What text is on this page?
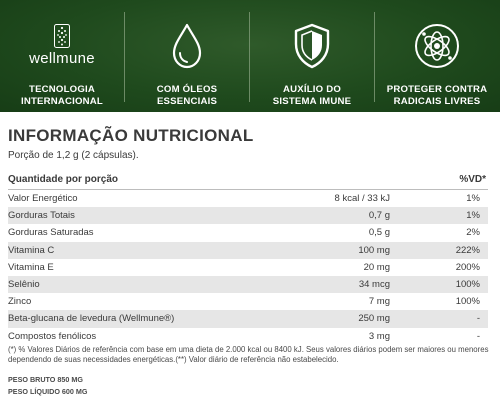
wellmune
TECNOLOGIA
INTERNACIONAL
COM ÓLEOS
ESSENCIAIS
AUXÍLIO DO
SISTEMA IMUNE
PROTEGER CONTRA
RADICAIS LIVRES
INFORMAÇÃO NUTRICIONAL
Porção de 1,2 g (2 cápsulas).
Quantidade por porção	%VD*
Valor Energético	8 kcal / 33 kJ	1%
Gorduras Totais	0,7 g	1%
Gorduras Saturadas	0,5 g	2%
Vitamina C	100 mg	222%
Vitamina E	20 mg	200%
Selênio	34 mcg	100%
Zinco	7 mg	100%
Beta-glucana de levedura (Wellmune®)	250 mg	-
Compostos fenólicos	3 mg	-
(*) % Valores Diários de referência com base em uma dieta de 2.000 kcal ou 8400 kJ. Seus valores diários podem ser maiores ou menores dependendo de suas necessidades energéticas.(**) Valor diário de referência não estabelecido.
PESO BRUTO 850 MG
PESO LÍQUIDO 600 MG
